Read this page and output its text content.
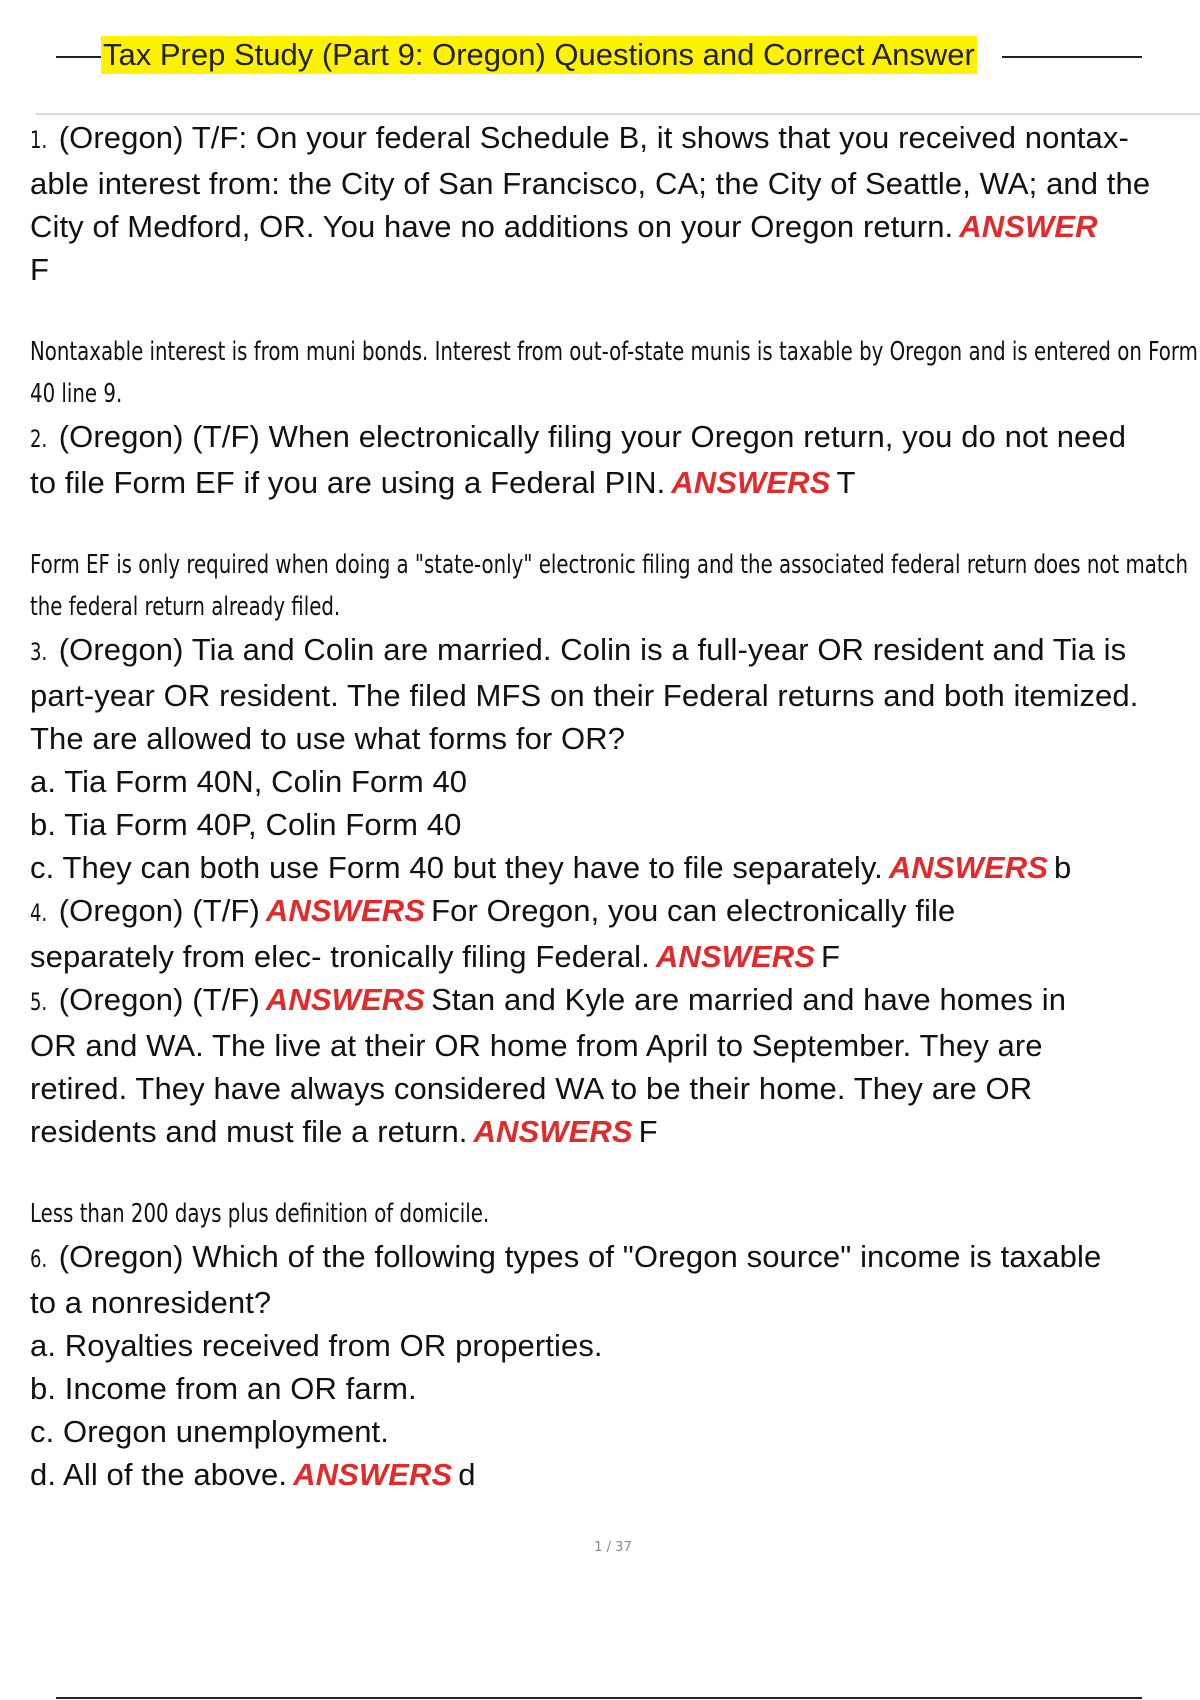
Tax Prep Study (Part 9: Oregon) Questions and Correct Answer
1. (Oregon) T/F: On your federal Schedule B, it shows that you received nontax-
able interest from: the City of San Francisco, CA; the City of Seattle, WA; and the
City of Medford, OR. You have no additions on your Oregon return. ANSWER
F
Nontaxable interest is from muni bonds. Interest from out-of-state munis is taxable by Oregon and is entered on Form
40 line 9.
2. (Oregon) (T/F) When electronically filing your Oregon return, you do not need
to file Form EF if you are using a Federal PIN. ANSWERS T
Form EF is only required when doing a "state-only" electronic filing and the associated federal return does not match
the federal return already filed.
3. (Oregon) Tia and Colin are married. Colin is a full-year OR resident and Tia is
part-year OR resident. The filed MFS on their Federal returns and both itemized.
The are allowed to use what forms for OR?
a. Tia Form 40N, Colin Form 40
b. Tia Form 40P, Colin Form 40
c. They can both use Form 40 but they have to file separately. ANSWERS b
4. (Oregon) (T/F) ANSWERS For Oregon, you can electronically file
separately from elec- tronically filing Federal. ANSWERS F
5. (Oregon) (T/F) ANSWERS Stan and Kyle are married and have homes in
OR and WA. The live at their OR home from April to September. They are
retired. They have always considered WA to be their home. They are OR
residents and must file a return. ANSWERS F
Less than 200 days plus definition of domicile.
6. (Oregon) Which of the following types of "Oregon source" income is taxable
to a nonresident?
a. Royalties received from OR properties.
b. Income from an OR farm.
c. Oregon unemployment.
d. All of the above. ANSWERS d
1 / 37
